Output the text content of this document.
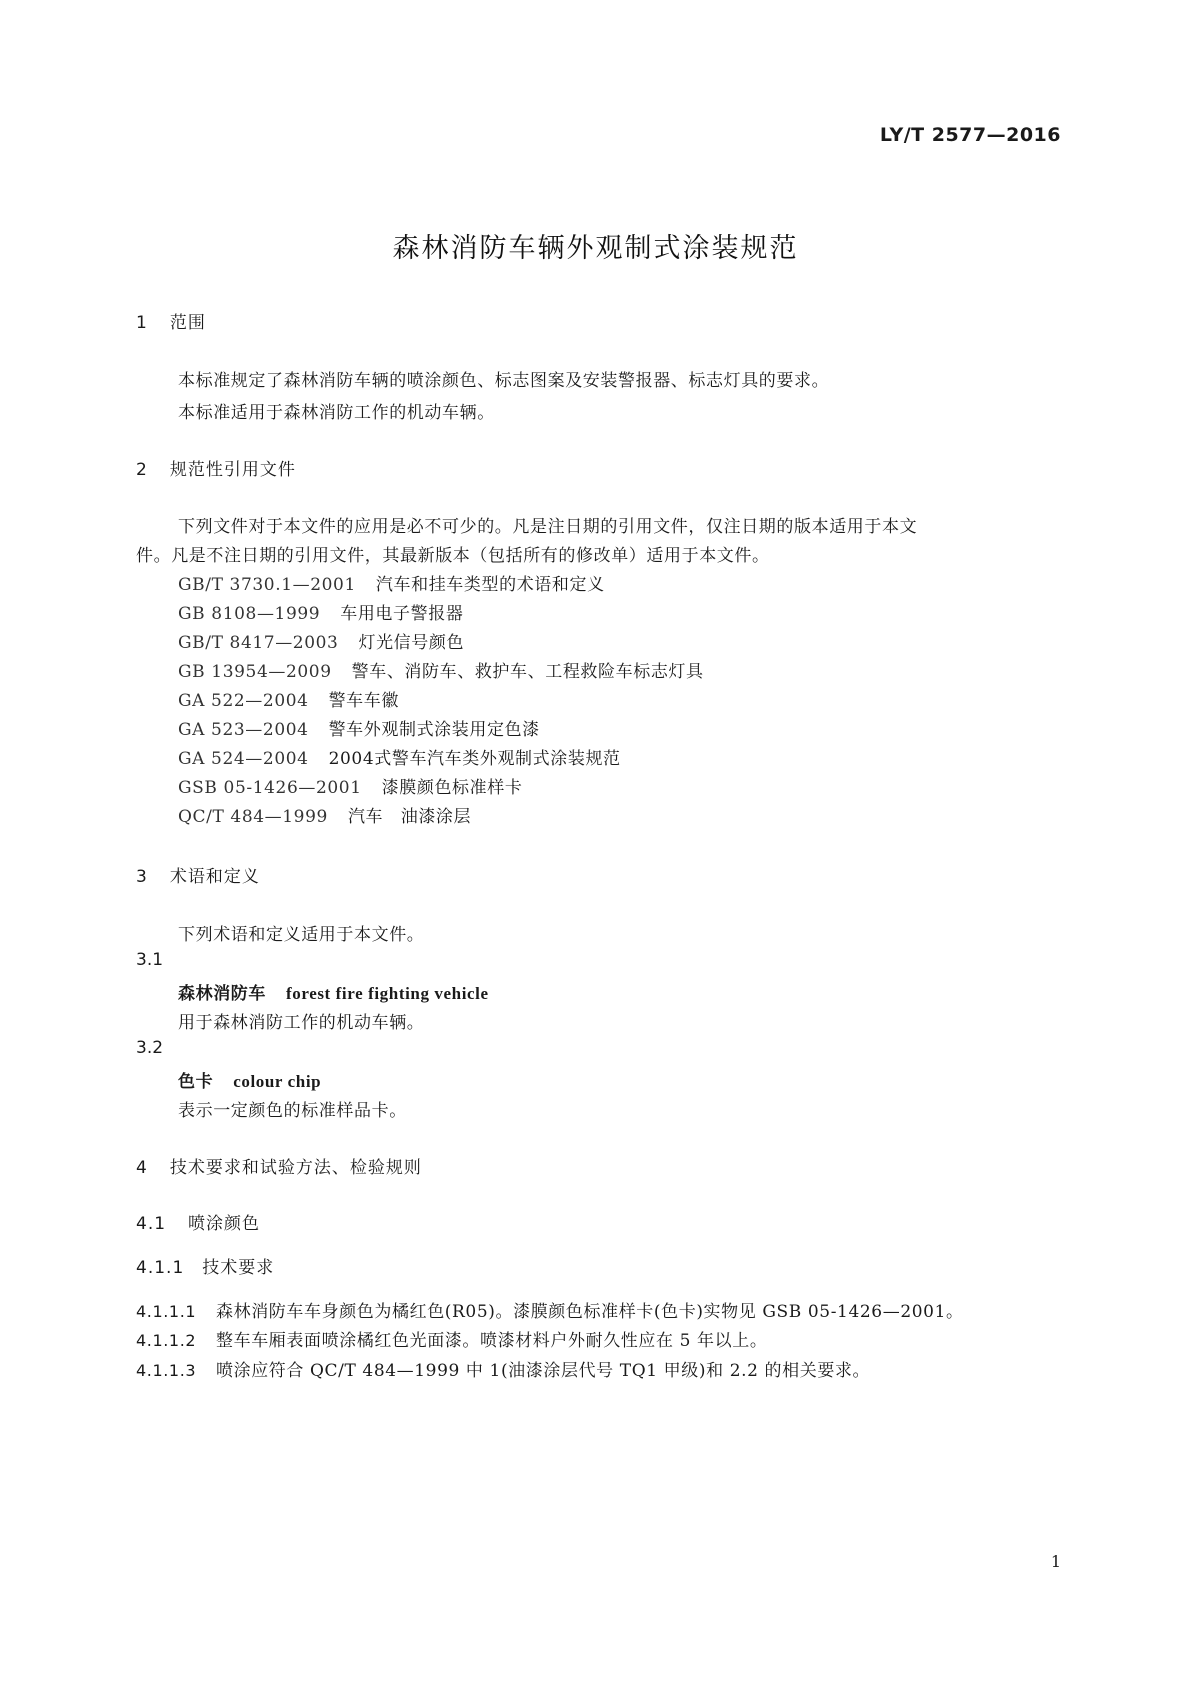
LY/T 2577—2016
森林消防车辆外观制式涂装规范
1 范围
本标准规定了森林消防车辆的喷涂颜色、标志图案及安装警报器、标志灯具的要求。
本标准适用于森林消防工作的机动车辆。
2 规范性引用文件
下列文件对于本文件的应用是必不可少的。凡是注日期的引用文件，仅注日期的版本适用于本文
件。凡是不注日期的引用文件，其最新版本（包括所有的修改单）适用于本文件。
GB/T 3730.1—2001 汽车和挂车类型的术语和定义
GB 8108—1999 车用电子警报器
GB/T 8417—2003 灯光信号颜色
GB 13954—2009 警车、消防车、救护车、工程救险车标志灯具
GA 522—2004 警车车徽
GA 523—2004 警车外观制式涂装用定色漆
GA 524—2004 2004式警车汽车类外观制式涂装规范
GSB 05-1426—2001 漆膜颜色标准样卡
QC/T 484—1999 汽车　油漆涂层
3 术语和定义
下列术语和定义适用于本文件。
3.1
森林消防车 forest fire fighting vehicle
用于森林消防工作的机动车辆。
3.2
色卡 colour chip
表示一定颜色的标准样品卡。
4 技术要求和试验方法、检验规则
4.1 喷涂颜色
4.1.1 技术要求
4.1.1.1 森林消防车车身颜色为橘红色(R05)。漆膜颜色标准样卡(色卡)实物见 GSB 05-1426—2001。
4.1.1.2 整车车厢表面喷涂橘红色光面漆。喷漆材料户外耐久性应在 5 年以上。
4.1.1.3 喷涂应符合 QC/T 484—1999 中 1(油漆涂层代号 TQ1 甲级)和 2.2 的相关要求。
1
